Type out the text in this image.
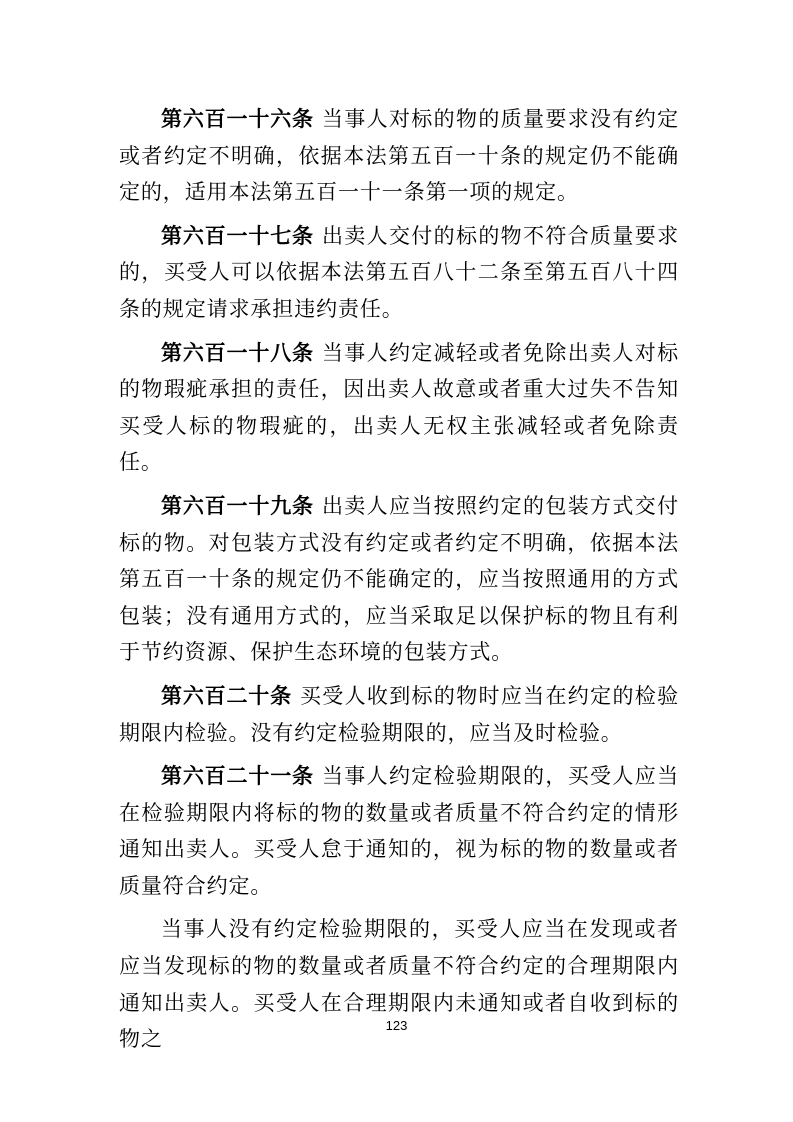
第六百一十六条 当事人对标的物的质量要求没有约定或者约定不明确，依据本法第五百一十条的规定仍不能确定的，适用本法第五百一十一条第一项的规定。

第六百一十七条 出卖人交付的标的物不符合质量要求的，买受人可以依据本法第五百八十二条至第五百八十四条的规定请求承担违约责任。

第六百一十八条 当事人约定减轻或者免除出卖人对标的物瑕疵承担的责任，因出卖人故意或者重大过失不告知买受人标的物瑕疵的，出卖人无权主张减轻或者免除责任。

第六百一十九条 出卖人应当按照约定的包装方式交付标的物。对包装方式没有约定或者约定不明确，依据本法第五百一十条的规定仍不能确定的，应当按照通用的方式包装；没有通用方式的，应当采取足以保护标的物且有利于节约资源、保护生态环境的包装方式。

第六百二十条 买受人收到标的物时应当在约定的检验期限内检验。没有约定检验期限的，应当及时检验。

第六百二十一条 当事人约定检验期限的，买受人应当在检验期限内将标的物的数量或者质量不符合约定的情形通知出卖人。买受人怠于通知的，视为标的物的数量或者质量符合约定。

当事人没有约定检验期限的，买受人应当在发现或者应当发现标的物的数量或者质量不符合约定的合理期限内通知出卖人。买受人在合理期限内未通知或者自收到标的物之

123
